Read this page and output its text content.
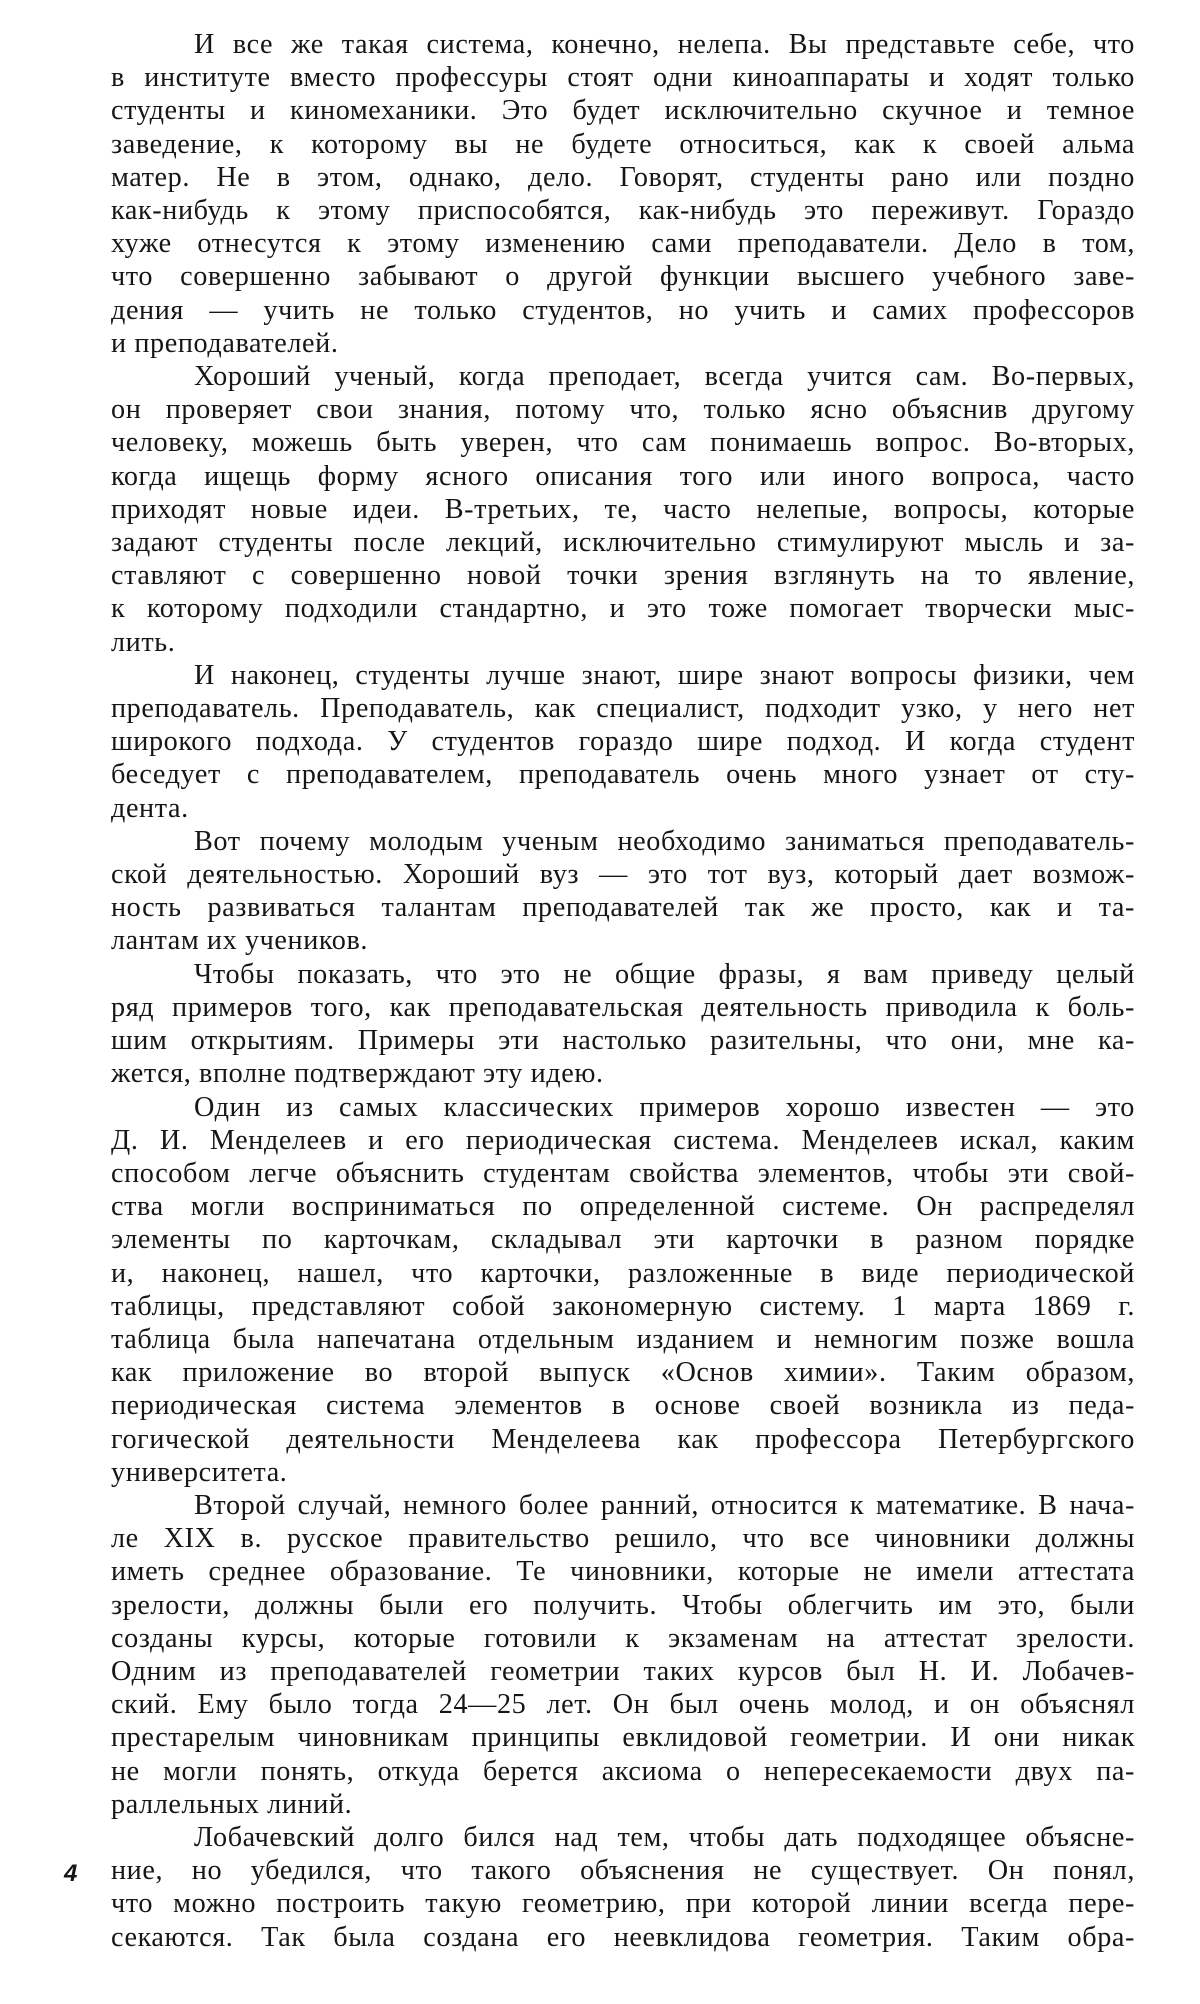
И все же такая система, конечно, нелепа. Вы представьте себе, что
в институте вместо профессуры стоят одни киноаппараты и ходят только
студенты и киномеханики. Это будет исключительно скучное и темное
заведение, к которому вы не будете относиться, как к своей альма
матер. Не в этом, однако, дело. Говорят, студенты рано или поздно
как-нибудь к этому приспособятся, как-нибудь это переживут. Гораздо
хуже отнесутся к этому изменению сами преподаватели. Дело в том,
что совершенно забывают о другой функции высшего учебного заве-
дения — учить не только студентов, но учить и самих профессоров
и преподавателей.
Хороший ученый, когда преподает, всегда учится сам. Во-первых,
он проверяет свои знания, потому что, только ясно объяснив другому
человеку, можешь быть уверен, что сам понимаешь вопрос. Во-вторых,
когда ищещь форму ясного описания того или иного вопроса, часто
приходят новые идеи. В-третьих, те, часто нелепые, вопросы, которые
задают студенты после лекций, исключительно стимулируют мысль и за-
ставляют с совершенно новой точки зрения взглянуть на то явление,
к которому подходили стандартно, и это тоже помогает творчески мыс-
лить.
И наконец, студенты лучше знают, шире знают вопросы физики, чем
преподаватель. Преподаватель, как специалист, подходит узко, у него нет
широкого подхода. У студентов гораздо шире подход. И когда студент
беседует с преподавателем, преподаватель очень много узнает от сту-
дента.
Вот почему молодым ученым необходимо заниматься преподаватель-
ской деятельностью. Хороший вуз — это тот вуз, который дает возмож-
ность развиваться талантам преподавателей так же просто, как и та-
лантам их учеников.
Чтобы показать, что это не общие фразы, я вам приведу целый
ряд примеров того, как преподавательская деятельность приводила к боль-
шим открытиям. Примеры эти настолько разительны, что они, мне ка-
жется, вполне подтверждают эту идею.
Один из самых классических примеров хорошо известен — это
Д. И. Менделеев и его периодическая система. Менделеев искал, каким
способом легче объяснить студентам свойства элементов, чтобы эти свой-
ства могли восприниматься по определенной системе. Он распределял
элементы по карточкам, складывал эти карточки в разном порядке
и, наконец, нашел, что карточки, разложенные в виде периодической
таблицы, представляют собой закономерную систему. 1 марта 1869 г.
таблица была напечатана отдельным изданием и немногим позже вошла
как приложение во второй выпуск «Основ химии». Таким образом,
периодическая система элементов в основе своей возникла из педа-
гогической деятельности Менделеева как профессора Петербургского
университета.
Второй случай, немного более ранний, относится к математике. В нача-
ле XIX в. русское правительство решило, что все чиновники должны
иметь среднее образование. Те чиновники, которые не имели аттестата
зрелости, должны были его получить. Чтобы облегчить им это, были
созданы курсы, которые готовили к экзаменам на аттестат зрелости.
Одним из преподавателей геометрии таких курсов был Н. И. Лобачев-
ский. Ему было тогда 24—25 лет. Он был очень молод, и он объяснял
престарелым чиновникам принципы евклидовой геометрии. И они никак
не могли понять, откуда берется аксиома о непересекаемости двух па-
раллельных линий.
Лобачевский долго бился над тем, чтобы дать подходящее объясне-
ние, но убедился, что такого объяснения не существует. Он понял,
что можно построить такую геометрию, при которой линии всегда пере-
секаются. Так была создана его неевклидова геометрия. Таким обра-
4
